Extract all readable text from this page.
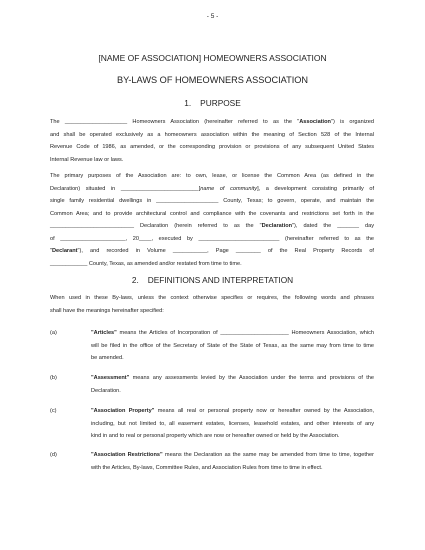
- 5 -
[NAME OF ASSOCIATION] HOMEOWNERS ASSOCIATION
BY-LAWS OF HOMEOWNERS ASSOCIATION
1. PURPOSE
The ____________________ Homeowners Association (hereinafter referred to as the "Association") is organized
and shall be operated exclusively as a homeowners association within the meaning of Section 528 of the Internal
Revenue Code of 1986, as amended, or the corresponding provision or provisions of any subsequent United States
Internal Revenue law or laws.
The primary purposes of the Association are: to own, lease, or license the Common Area (as defined in the
Declaration) situated in _________________________[name of community], a development consisting primarily of
single family residential dwellings in ____________________ County, Texas; to govern, operate, and maintain the
Common Area; and to provide architectural control and compliance with the covenants and restrictions set forth in the
___________________________ Declaration (herein referred to as the "Declaration"), dated the _______ day
of _____________________, 20____, executed by __________________________ (hereinafter referred to as the
"Declarant"), and recorded in Volume ___________, Page ________ of the Real Property Records of
____________ County, Texas, as amended and/or restated from time to time.
2. DEFINITIONS AND INTERPRETATION
When used in these By-laws, unless the context otherwise specifies or requires, the following words and phrases
shall have the meanings hereinafter specified:
(a)	"Articles" means the Articles of Incorporation of ______________________ Homeowners Association, which
will be filed in the office of the Secretary of State of the State of Texas, as the same may from time to time
be amended.
(b)	"Assessment" means any assessments levied by the Association under the terms and provisions of the
Declaration.
(c)	"Association Property" means all real or personal property now or hereafter owned by the Association,
including, but not limited to, all easement estates, licenses, leasehold estates, and other interests of any
kind in and to real or personal property which are now or hereafter owned or held by the Association.
(d)	"Association Restrictions" means the Declaration as the same may be amended from time to time, together
with the Articles, By-laws, Committee Rules, and Association Rules from time to time in effect.
